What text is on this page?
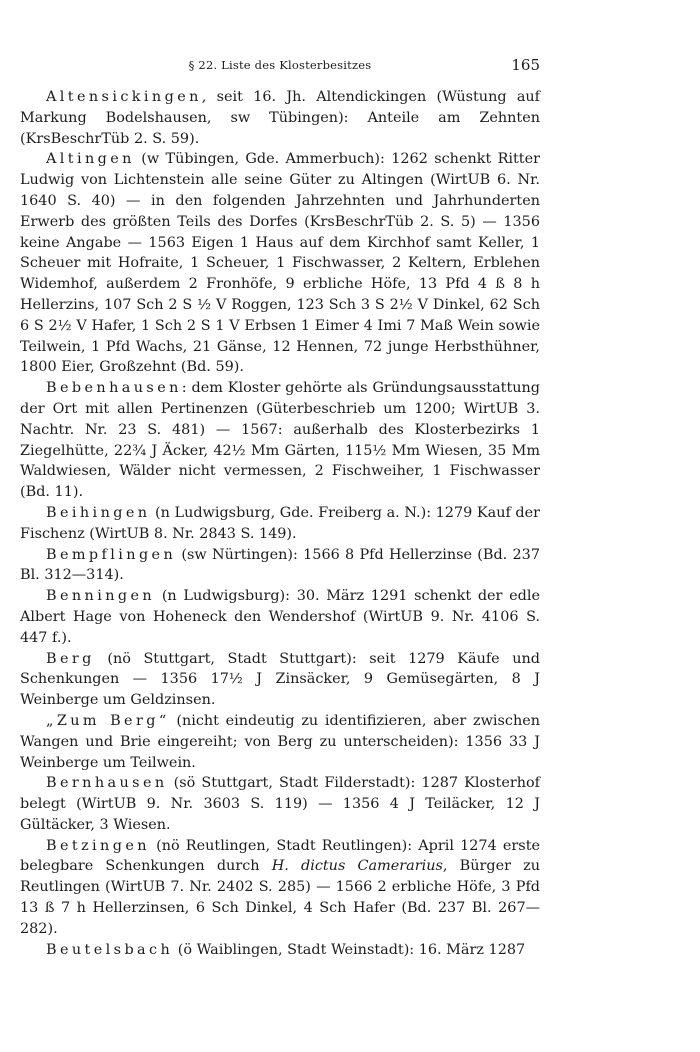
§ 22. Liste des Klosterbesitzes	165

Altensickingen, seit 16. Jh. Altendickingen (Wüstung auf Markung Bodelshausen, sw Tübingen): Anteile am Zehnten (KrsBeschrTüb 2. S. 59).

Altingen (w Tübingen, Gde. Ammerbuch): 1262 schenkt Ritter Ludwig von Lichtenstein alle seine Güter zu Altingen (WirtUB 6. Nr. 1640 S. 40) — in den folgenden Jahrzehnten und Jahrhunderten Erwerb des größten Teils des Dorfes (KrsBeschrTüb 2. S. 5) — 1356 keine Angabe — 1563 Eigen 1 Haus auf dem Kirchhof samt Keller, 1 Scheuer mit Hofraite, 1 Scheuer, 1 Fischwasser, 2 Keltern, Erblehen Widemhof, außerdem 2 Fronhöfe, 9 erbliche Höfe, 13 Pfd 4 ß 8 h Hellerzins, 107 Sch 2 S ½ V Roggen, 123 Sch 3 S 2½ V Dinkel, 62 Sch 6 S 2½ V Hafer, 1 Sch 2 S 1 V Erbsen 1 Eimer 4 Imi 7 Maß Wein sowie Teilwein, 1 Pfd Wachs, 21 Gänse, 12 Hennen, 72 junge Herbsthühner, 1800 Eier, Großzehnt (Bd. 59).

Bebenhausen: dem Kloster gehörte als Gründungsausstattung der Ort mit allen Pertinenzen (Güterbeschrieb um 1200; WirtUB 3. Nachtr. Nr. 23 S. 481) — 1567: außerhalb des Klosterbezirks 1 Ziegelhütte, 22¾ J Äcker, 42½ Mm Gärten, 115½ Mm Wiesen, 35 Mm Waldwiesen, Wälder nicht vermessen, 2 Fischweiher, 1 Fischwasser (Bd. 11).

Beihingen (n Ludwigsburg, Gde. Freiberg a. N.): 1279 Kauf der Fischenz (WirtUB 8. Nr. 2843 S. 149).

Bempflingen (sw Nürtingen): 1566 8 Pfd Hellerzinse (Bd. 237 Bl. 312—314).

Benningen (n Ludwigsburg): 30. März 1291 schenkt der edle Albert Hage von Hoheneck den Wendershof (WirtUB 9. Nr. 4106 S. 447 f.).

Berg (nö Stuttgart, Stadt Stuttgart): seit 1279 Käufe und Schenkungen — 1356 17½ J Zinsäcker, 9 Gemüsegärten, 8 J Weinberge um Geldzinsen.

„Zum Berg“ (nicht eindeutig zu identifizieren, aber zwischen Wangen und Brie eingereiht; von Berg zu unterscheiden): 1356 33 J Weinberge um Teilwein.

Bernhausen (sö Stuttgart, Stadt Filderstadt): 1287 Klosterhof belegt (WirtUB 9. Nr. 3603 S. 119) — 1356 4 J Teiläcker, 12 J Gültäcker, 3 Wiesen.

Betzingen (nö Reutlingen, Stadt Reutlingen): April 1274 erste belegbare Schenkungen durch H. dictus Camerarius, Bürger zu Reutlingen (WirtUB 7. Nr. 2402 S. 285) — 1566 2 erbliche Höfe, 3 Pfd 13 ß 7 h Hellerzinsen, 6 Sch Dinkel, 4 Sch Hafer (Bd. 237 Bl. 267—282).

Beutelsbach (ö Waiblingen, Stadt Weinstadt): 16. März 1287
